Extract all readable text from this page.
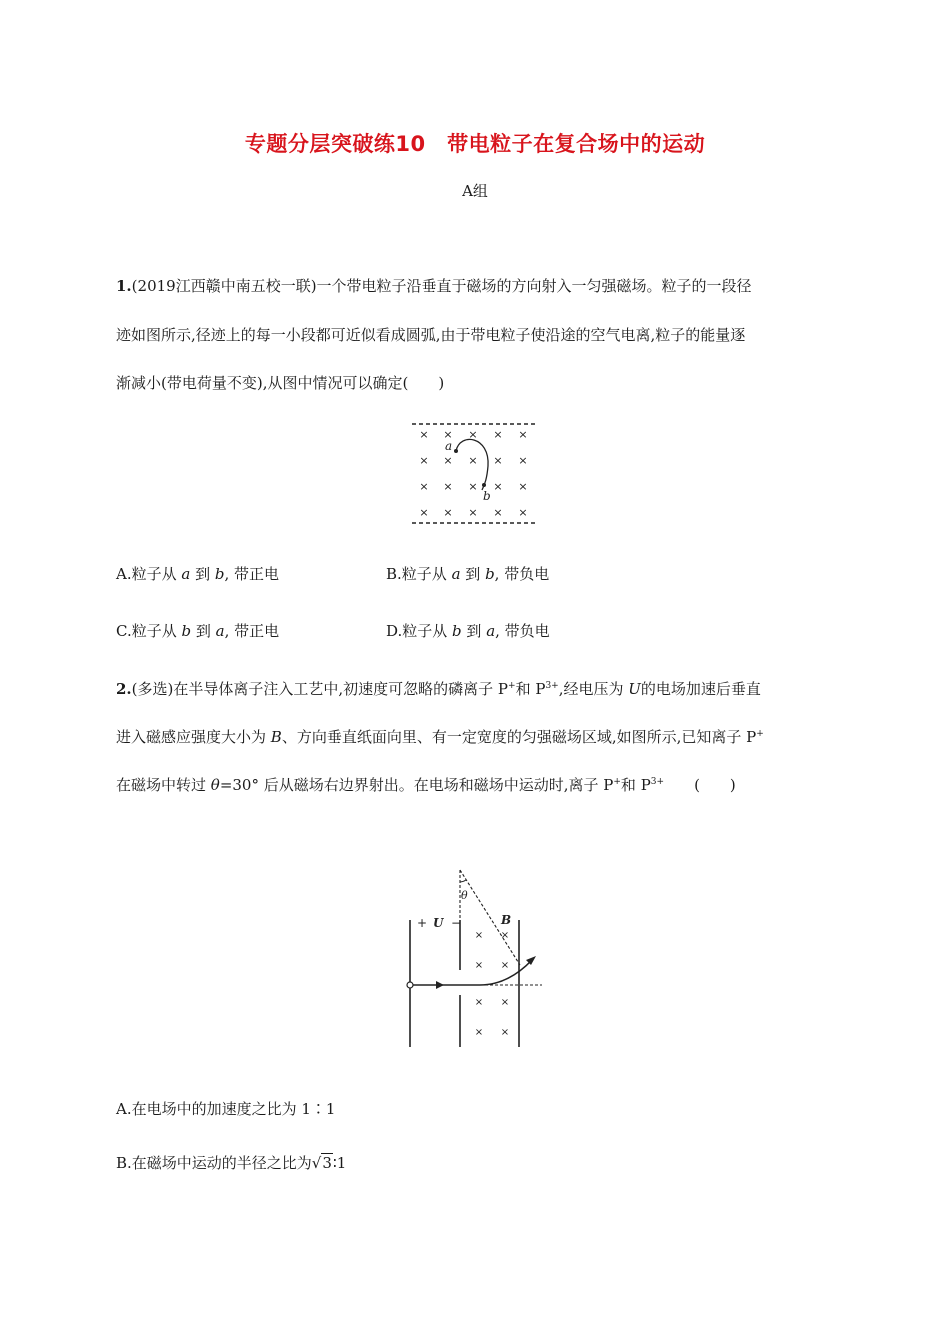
专题分层突破练10　带电粒子在复合场中的运动
A组
1.(2019江西赣中南五校一联)一个带电粒子沿垂直于磁场的方向射入一匀强磁场。粒子的一段径
迹如图所示,径迹上的每一小段都可近似看成圆弧,由于带电粒子使沿途的空气电离,粒子的能量逐
渐减小(带电荷量不变),从图中情况可以确定(　　)
× × × × ×
× × × × ×
× × × × ×
× × × × ×
a
b
A.粒子从 a 到 b, 带正电	B.粒子从 a 到 b, 带负电
C.粒子从 b 到 a, 带正电	D.粒子从 b 到 a, 带负电
2.(多选)在半导体离子注入工艺中,初速度可忽略的磷离子 P+和 $P^{3+}$,经电压为 U的电场加速后垂直
进入磁感应强度大小为 B、方向垂直纸面向里、有一定宽度的匀强磁场区域,如图所示,已知离子 P+
在磁场中转过 θ=30° 后从磁场右边界射出。在电场和磁场中运动时,离子 P+和 $P^{3+}$　　(　　)
× ×
× ×
× ×
× ×
+ U −	B
θ
A.在电场中的加速度之比为 1∶1
B.在磁场中运动的半径之比为√3∶1
